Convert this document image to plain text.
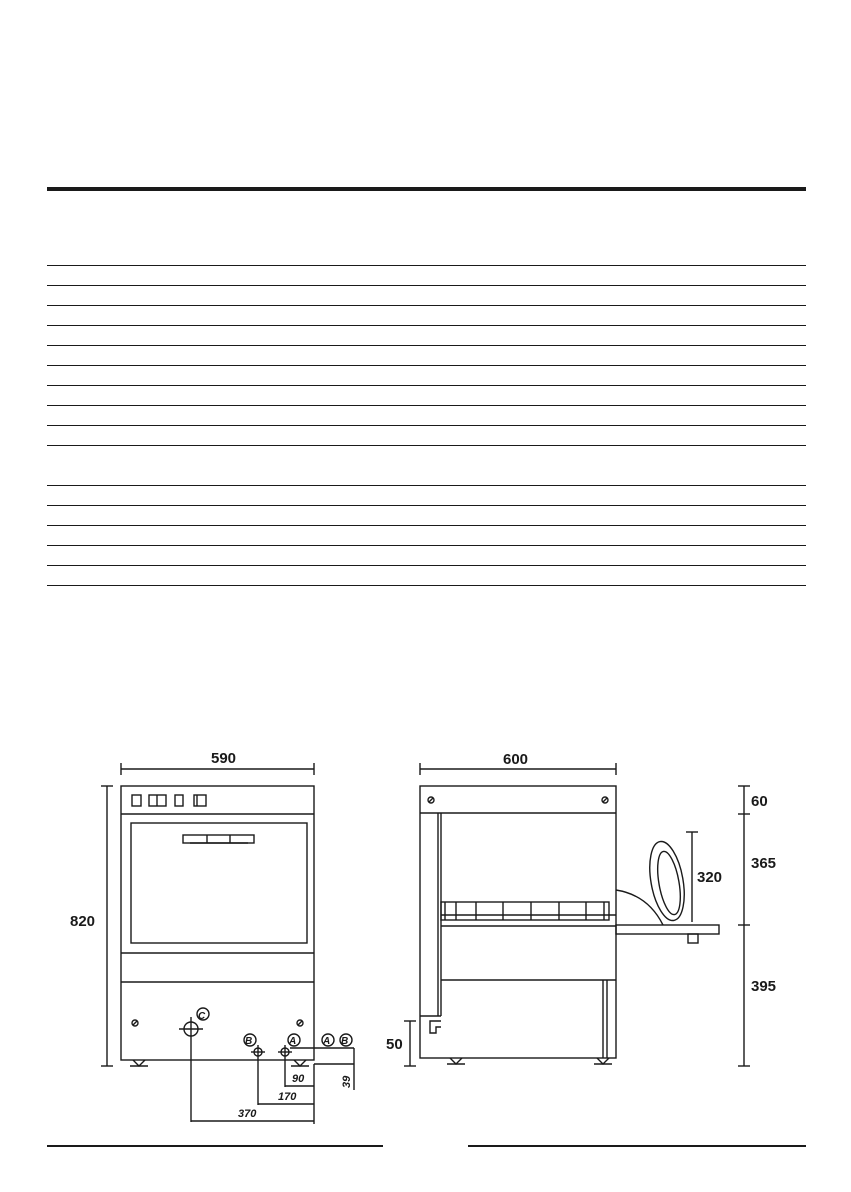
590
820
C
B	A	A B
90
170
370
39
600
50
60
365
320
395
